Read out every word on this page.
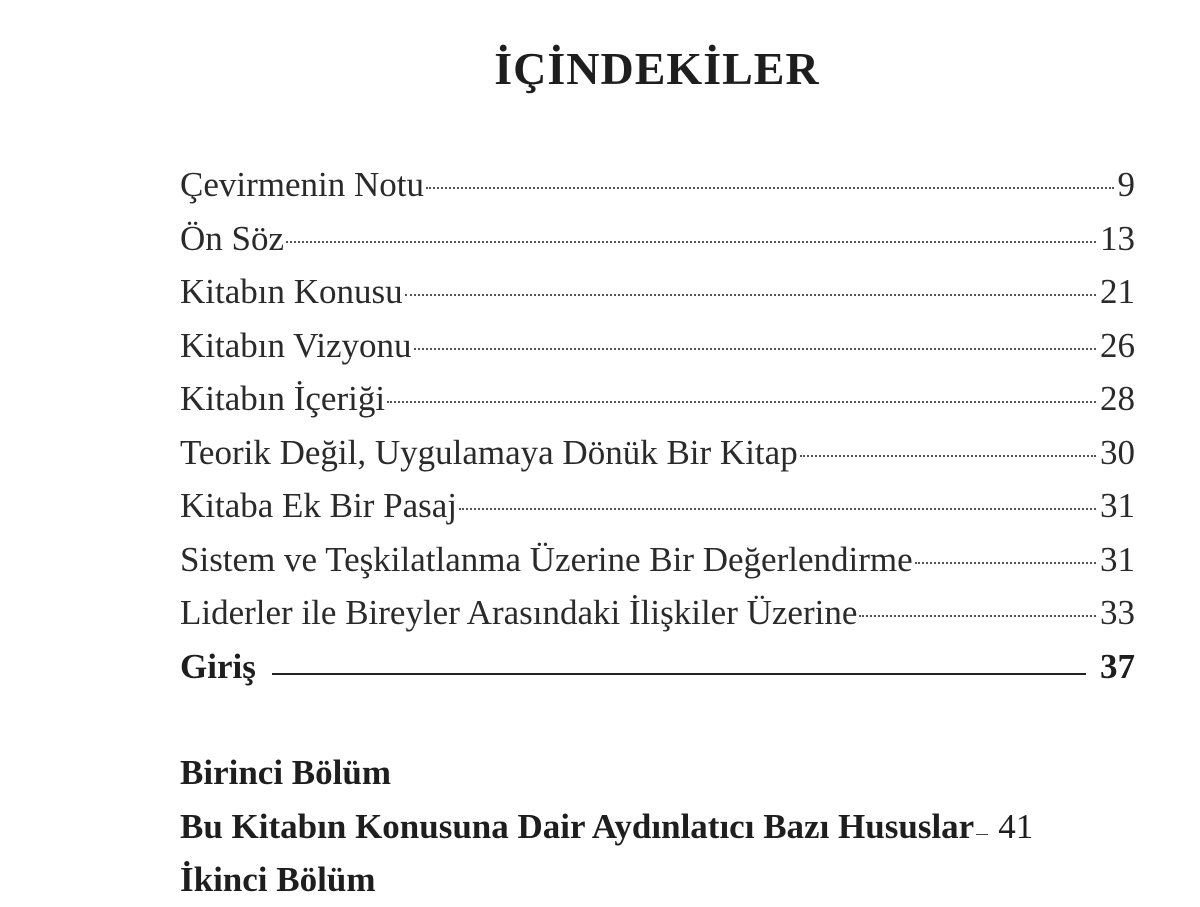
İÇİNDEKİLER
Çevirmenin Notu	9
Ön Söz	13
Kitabın Konusu	21
Kitabın Vizyonu	26
Kitabın İçeriği	28
Teorik Değil, Uygulamaya Dönük Bir Kitap	30
Kitaba Ek Bir Pasaj	31
Sistem ve Teşkilatlanma Üzerine Bir Değerlendirme	31
Liderler ile Bireyler Arasındaki İlişkiler Üzerine	33
Giriş	37
Birinci Bölüm
Bu Kitabın Konusuna Dair Aydınlatıcı Bazı Hususlar 41
İkinci Bölüm
